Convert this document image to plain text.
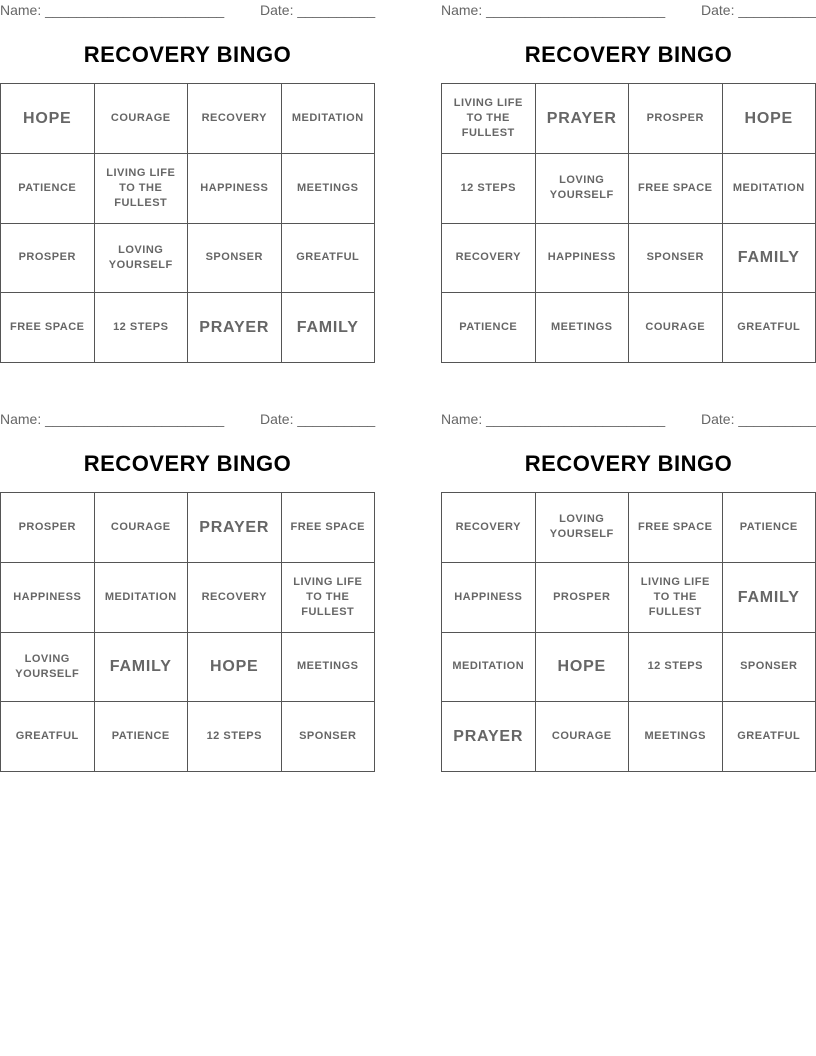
Name: _______________________	Date: __________
RECOVERY BINGO
HOPE	COURAGE	RECOVERY	MEDITATION
PATIENCE	LIVING LIFE TO THE FULLEST	HAPPINESS	MEETINGS
PROSPER	LOVING YOURSELF	SPONSER	GREATFUL
FREE SPACE	12 STEPS	PRAYER	FAMILY
Name: _______________________	Date: __________
RECOVERY BINGO
LIVING LIFE TO THE FULLEST	PRAYER	PROSPER	HOPE
12 STEPS	LOVING YOURSELF	FREE SPACE	MEDITATION
RECOVERY	HAPPINESS	SPONSER	FAMILY
PATIENCE	MEETINGS	COURAGE	GREATFUL
Name: _______________________	Date: __________
RECOVERY BINGO
PROSPER	COURAGE	PRAYER	FREE SPACE
HAPPINESS	MEDITATION	RECOVERY	LIVING LIFE TO THE FULLEST
LOVING YOURSELF	FAMILY	HOPE	MEETINGS
GREATFUL	PATIENCE	12 STEPS	SPONSER
Name: _______________________	Date: __________
RECOVERY BINGO
RECOVERY	LOVING YOURSELF	FREE SPACE	PATIENCE
HAPPINESS	PROSPER	LIVING LIFE TO THE FULLEST	FAMILY
MEDITATION	HOPE	12 STEPS	SPONSER
PRAYER	COURAGE	MEETINGS	GREATFUL
